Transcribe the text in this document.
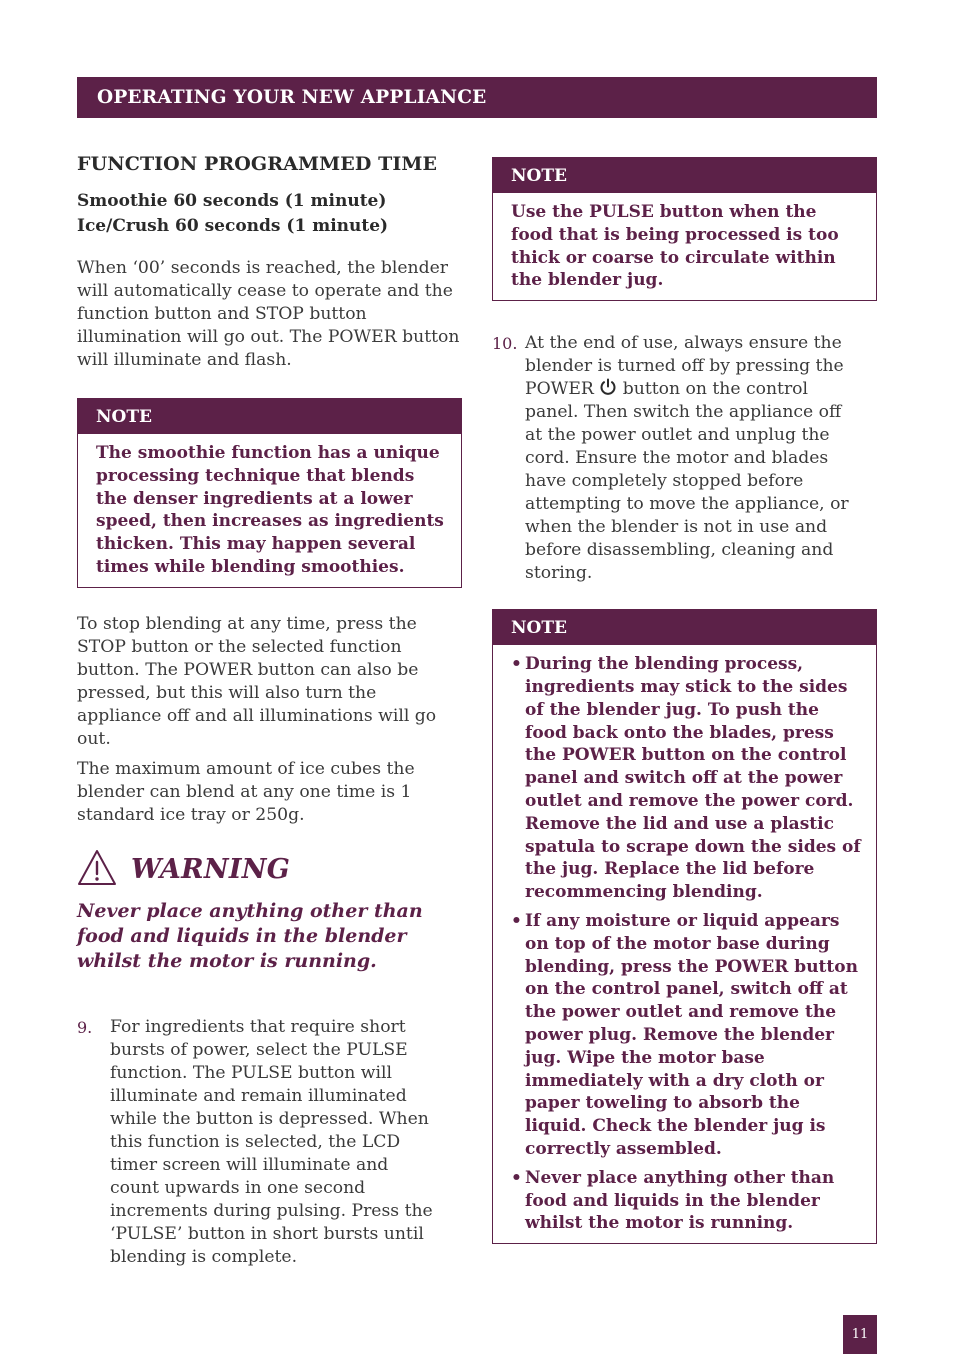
OPERATING YOUR NEW APPLIANCE
FUNCTION PROGRAMMED TIME
Smoothie 60 seconds (1 minute)
Ice/Crush 60 seconds (1 minute)

When ‘00’ seconds is reached, the blender will automatically cease to operate and the function button and STOP button illumination will go out. The POWER button will illuminate and flash.

NOTE
The smoothie function has a unique processing technique that blends the denser ingredients at a lower speed, then increases as ingredients thicken. This may happen several times while blending smoothies.

To stop blending at any time, press the STOP button or the selected function button. The POWER button can also be pressed, but this will also turn the appliance off and all illuminations will go out.

The maximum amount of ice cubes the blender can blend at any one time is 1 standard ice tray or 250g.

WARNING
Never place anything other than food and liquids in the blender whilst the motor is running.
9.	For ingredients that require short bursts of power, select the PULSE function. The PULSE button will illuminate and remain illuminated while the button is depressed. When this function is selected, the LCD timer screen will illuminate and count upwards in one second increments during pulsing. Press the ‘PULSE’ button in short bursts until blending is complete.

NOTE
Use the PULSE button when the food that is being processed is too thick or coarse to circulate within the blender jug.
10. At the end of use, always ensure the blender is turned off by pressing the POWER button on the control panel. Then switch the appliance off at the power outlet and unplug the cord. Ensure the motor and blades have completely stopped before attempting to move the appliance, or when the blender is not in use and before disassembling, cleaning and storing.

NOTE
• During the blending process, ingredients may stick to the sides of the blender jug. To push the food back onto the blades, press the POWER button on the control panel and switch off at the power outlet and remove the power cord. Remove the lid and use a plastic spatula to scrape down the sides of the jug. Replace the lid before recommencing blending.
• If any moisture or liquid appears on top of the motor base during blending, press the POWER button on the control panel, switch off at the power outlet and remove the power plug. Remove the blender jug. Wipe the motor base immediately with a dry cloth or paper toweling to absorb the liquid. Check the blender jug is correctly assembled.
• Never place anything other than food and liquids in the blender whilst the motor is running.
11
